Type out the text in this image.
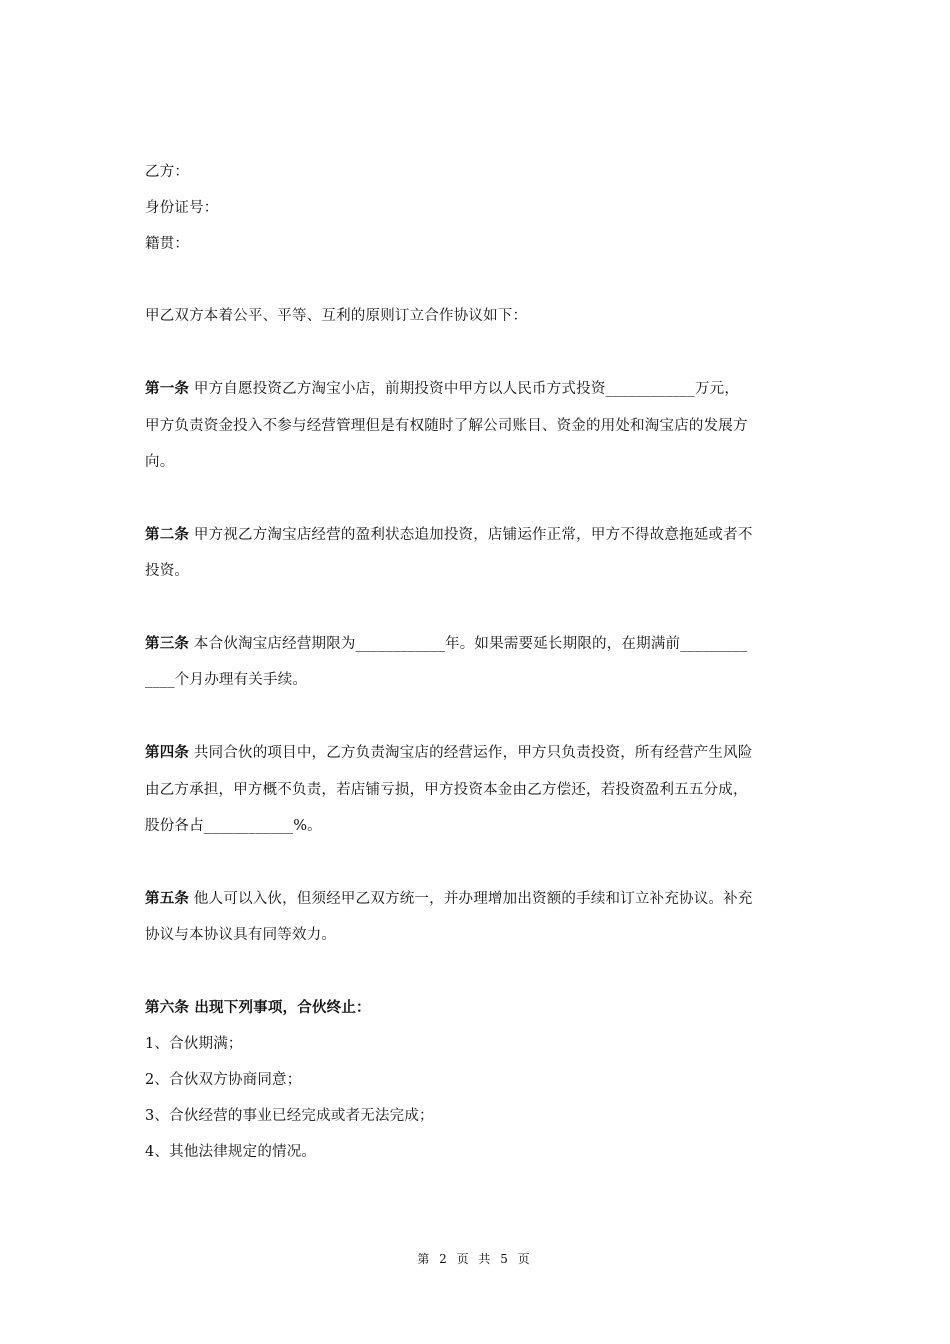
乙方：
身份证号：
籍贯：
甲乙双方本着公平、平等、互利的原则订立合作协议如下：
第一条 甲方自愿投资乙方淘宝小店，前期投资中甲方以人民币方式投资____________万元，
甲方负责资金投入不参与经营管理但是有权随时了解公司账目、资金的用处和淘宝店的发展方
向。
第二条 甲方视乙方淘宝店经营的盈利状态追加投资，店铺运作正常，甲方不得故意拖延或者不
投资。
第三条 本合伙淘宝店经营期限为____________年。如果需要延长期限的，在期满前_________
____个月办理有关手续。
第四条 共同合伙的项目中，乙方负责淘宝店的经营运作，甲方只负责投资，所有经营产生风险
由乙方承担，甲方概不负责，若店铺亏损，甲方投资本金由乙方偿还，若投资盈利五五分成，
股份各占____________%。
第五条 他人可以入伙，但须经甲乙双方统一，并办理增加出资额的手续和订立补充协议。补充
协议与本协议具有同等效力。
第六条 出现下列事项，合伙终止：
1、合伙期满；
2、合伙双方协商同意；
3、合伙经营的事业已经完成或者无法完成；
4、其他法律规定的情况。
第 2 页 共 5 页
